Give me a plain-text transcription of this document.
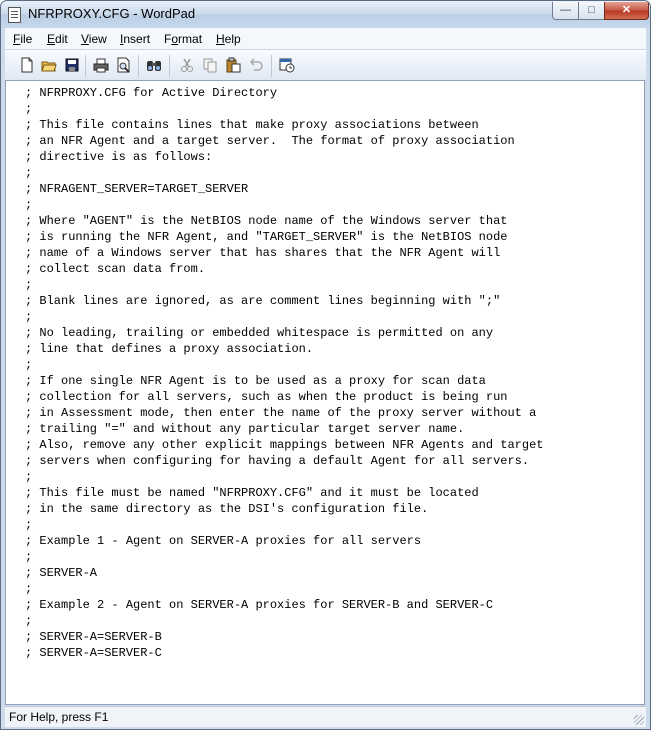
NFRPROXY.CFG - WordPad	—	□	✕
File Edit View Insert Format Help
; NFRPROXY.CFG for Active Directory
;
; This file contains lines that make proxy associations between
; an NFR Agent and a target server.  The format of proxy association
; directive is as follows:
;
; NFRAGENT_SERVER=TARGET_SERVER
;
; Where "AGENT" is the NetBIOS node name of the Windows server that
; is running the NFR Agent, and "TARGET_SERVER" is the NetBIOS node
; name of a Windows server that has shares that the NFR Agent will
; collect scan data from.
;
; Blank lines are ignored, as are comment lines beginning with ";"
;
; No leading, trailing or embedded whitespace is permitted on any
; line that defines a proxy association.
;
; If one single NFR Agent is to be used as a proxy for scan data
; collection for all servers, such as when the product is being run
; in Assessment mode, then enter the name of the proxy server without a
; trailing "=" and without any particular target server name.
; Also, remove any other explicit mappings between NFR Agents and target
; servers when configuring for having a default Agent for all servers.
;
; This file must be named "NFRPROXY.CFG" and it must be located
; in the same directory as the DSI's configuration file.
;
; Example 1 - Agent on SERVER-A proxies for all servers
;
; SERVER-A
;
; Example 2 - Agent on SERVER-A proxies for SERVER-B and SERVER-C
;
; SERVER-A=SERVER-B
; SERVER-A=SERVER-C
For Help, press F1
